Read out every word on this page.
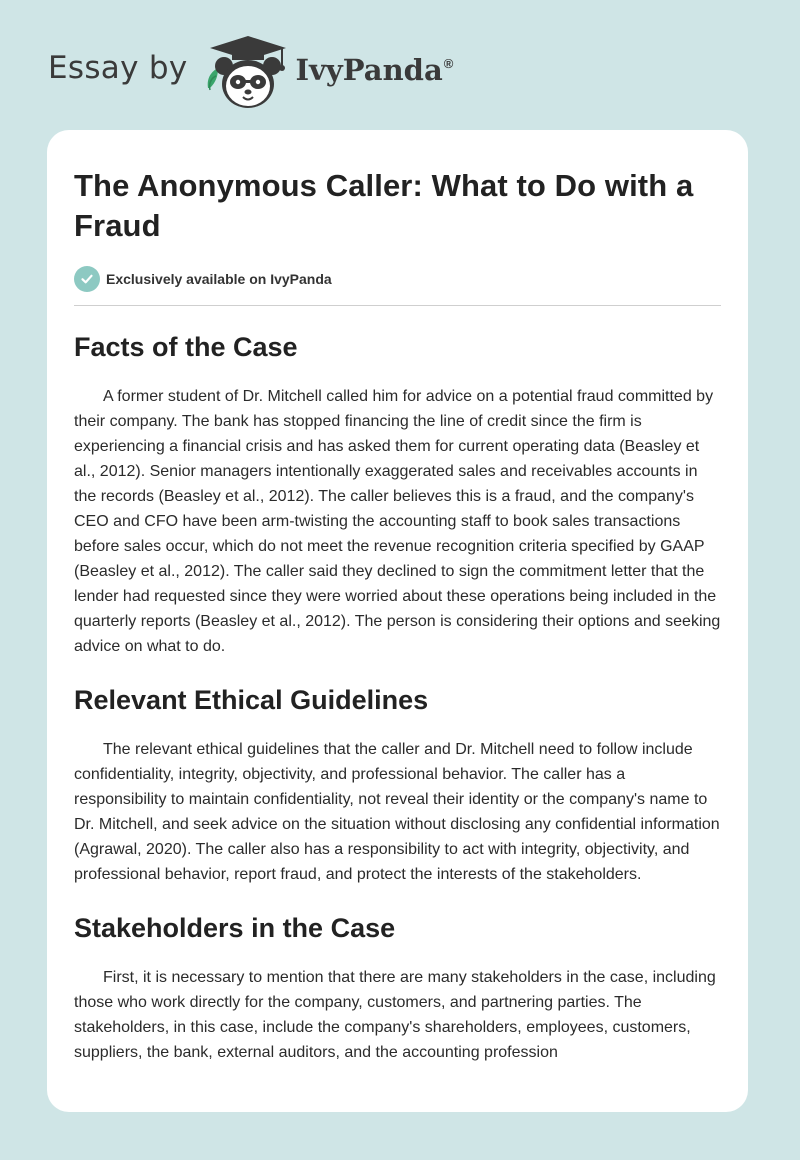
Essay by	IvyPanda®
The Anonymous Caller: What to Do with a Fraud
Exclusively available on IvyPanda
Facts of the Case

A former student of Dr. Mitchell called him for advice on a potential fraud committed by their company. The bank has stopped financing the line of credit since the firm is experiencing a financial crisis and has asked them for current operating data (Beasley et al., 2012). Senior managers intentionally exaggerated sales and receivables accounts in the records (Beasley et al., 2012). The caller believes this is a fraud, and the company's CEO and CFO have been arm-twisting the accounting staff to book sales transactions before sales occur, which do not meet the revenue recognition criteria specified by GAAP (Beasley et al., 2012). The caller said they declined to sign the commitment letter that the lender had requested since they were worried about these operations being included in the quarterly reports (Beasley et al., 2012). The person is considering their options and seeking advice on what to do.

Relevant Ethical Guidelines

The relevant ethical guidelines that the caller and Dr. Mitchell need to follow include confidentiality, integrity, objectivity, and professional behavior. The caller has a responsibility to maintain confidentiality, not reveal their identity or the company's name to Dr. Mitchell, and seek advice on the situation without disclosing any confidential information (Agrawal, 2020). The caller also has a responsibility to act with integrity, objectivity, and professional behavior, report fraud, and protect the interests of the stakeholders.

Stakeholders in the Case

First, it is necessary to mention that there are many stakeholders in the case, including those who work directly for the company, customers, and partnering parties. The stakeholders, in this case, include the company's shareholders, employees, customers, suppliers, the bank, external auditors, and the accounting profession
